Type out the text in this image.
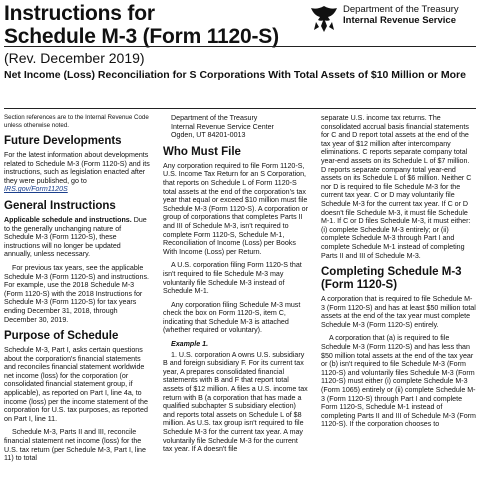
Instructions for
Schedule M-3 (Form 1120-S)
(Rev. December 2019)
Net Income (Loss) Reconciliation for S Corporations With Total Assets of $10 Million or More
Department of the Treasury
Internal Revenue Service

Section references are to the Internal Revenue Code unless otherwise noted.

Future Developments

For the latest information about developments related to Schedule M-3 (Form 1120-S) and its instructions, such as legislation enacted after they were published, go to IRS.gov/Form1120S

General Instructions

Applicable schedule and instructions. Due to the generally unchanging nature of Schedule M-3 (Form 1120-S), these instructions will no longer be updated annually, unless necessary.

For previous tax years, see the applicable Schedule M-3 (Form 1120-S) and instructions. For example, use the 2018 Schedule M-3 (Form 1120-S) with the 2018 Instructions for Schedule M-3 (Form 1120-S) for tax years ending December 31, 2018, through December 30, 2019.

Purpose of Schedule

Schedule M-3, Part I, asks certain questions about the corporation's financial statements and reconciles financial statement worldwide net income (loss) for the corporation (or consolidated financial statement group, if applicable), as reported on Part I, line 4a, to income (loss) per the income statement of the corporation for U.S. tax purposes, as reported on Part I, line 11.

Schedule M-3, Parts II and III, reconcile financial statement net income (loss) for the U.S. tax return (per Schedule M-3, Part I, line 11) to total

Department of the Treasury
Internal Revenue Service Center
Ogden, UT 84201-0013
Who Must File

Any corporation required to file Form 1120-S, U.S. Income Tax Return for an S Corporation, that reports on Schedule L of Form 1120-S total assets at the end of the corporation's tax year that equal or exceed $10 million must file Schedule M-3 (Form 1120-S). A corporation or group of corporations that completes Parts II and III of Schedule M-3, isn't required to complete Form 1120-S, Schedule M-1, Reconciliation of Income (Loss) per Books With Income (Loss) per Return.

A U.S. corporation filing Form 1120-S that isn't required to file Schedule M-3 may voluntarily file Schedule M-3 instead of Schedule M-1.

Any corporation filing Schedule M-3 must check the box on Form 1120-S, item C, indicating that Schedule M-3 is attached (whether required or voluntary).

Example 1.

1. U.S. corporation A owns U.S. subsidiary B and foreign subsidiary F. For its current tax year, A prepares consolidated financial statements with B and F that report total assets of $12 million. A files a U.S. income tax return with B (a corporation that has made a qualified subchapter S subsidiary election) and reports total assets on Schedule L of $8 million. As U.S. tax group isn't required to file Schedule M-3 for the current tax year. A may voluntarily file Schedule M-3 for the current tax year. If A doesn't file

separate U.S. income tax returns. The consolidated accrual basis financial statements for C and D report total assets at the end of the tax year of $12 million after intercompany eliminations. C reports separate company total year-end assets on its Schedule L of $7 million. D reports separate company total year-end assets on its Schedule L of $6 million. Neither C nor D is required to file Schedule M-3 for the current tax year. C or D may voluntarily file Schedule M-3 for the current tax year. If C or D doesn't file Schedule M-3, it must file Schedule M-1. If C or D files Schedule M-3, it must either: (i) complete Schedule M-3 entirely; or (ii) complete Schedule M-3 through Part I and complete Schedule M-1 instead of completing Parts II and III of Schedule M-3.

Completing Schedule M-3 (Form 1120-S)

A corporation that is required to file Schedule M-3 (Form 1120-S) and has at least $50 million total assets at the end of the tax year must complete Schedule M-3 (Form 1120-S) entirely.

A corporation that (a) is required to file Schedule M-3 (Form 1120-S) and has less than $50 million total assets at the end of the tax year or (b) isn't required to file Schedule M-3 (Form 1120-S) and voluntarily files Schedule M-3 (Form 1120-S) must either (i) complete Schedule M-3 (Form 1065) entirely or (ii) complete Schedule M-3 (Form 1120-S) through Part I and complete Form 1120-S, Schedule M-1 instead of completing Parts II and III of Schedule M-3 (Form 1120-S). If the corporation chooses to
